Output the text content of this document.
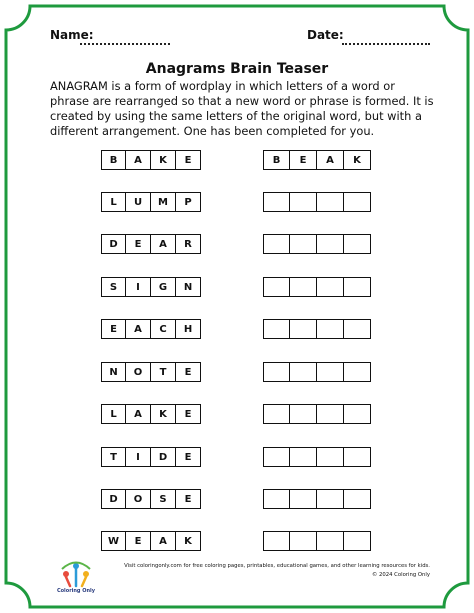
Name:	Date:
Anagrams Brain Teaser
ANAGRAM is a form of wordplay in which letters of a word or phrase are rearranged so that a new word or phrase is formed. It is created by using the same letters of the original word, but with a different arrangement. One has been completed for you.
B	A	K	E	B	E	A	K
L	U	M	P
D	E	A	R
S	I	G	N
E	A	C	H
N	O	T	E
L	A	K	E
T	I	D	E
D	O	S	E
W	E	A	K
Coloring Only
Visit coloringonly.com for free coloring pages, printables, educational games, and other learning resources for kids.
© 2024 Coloring Only
